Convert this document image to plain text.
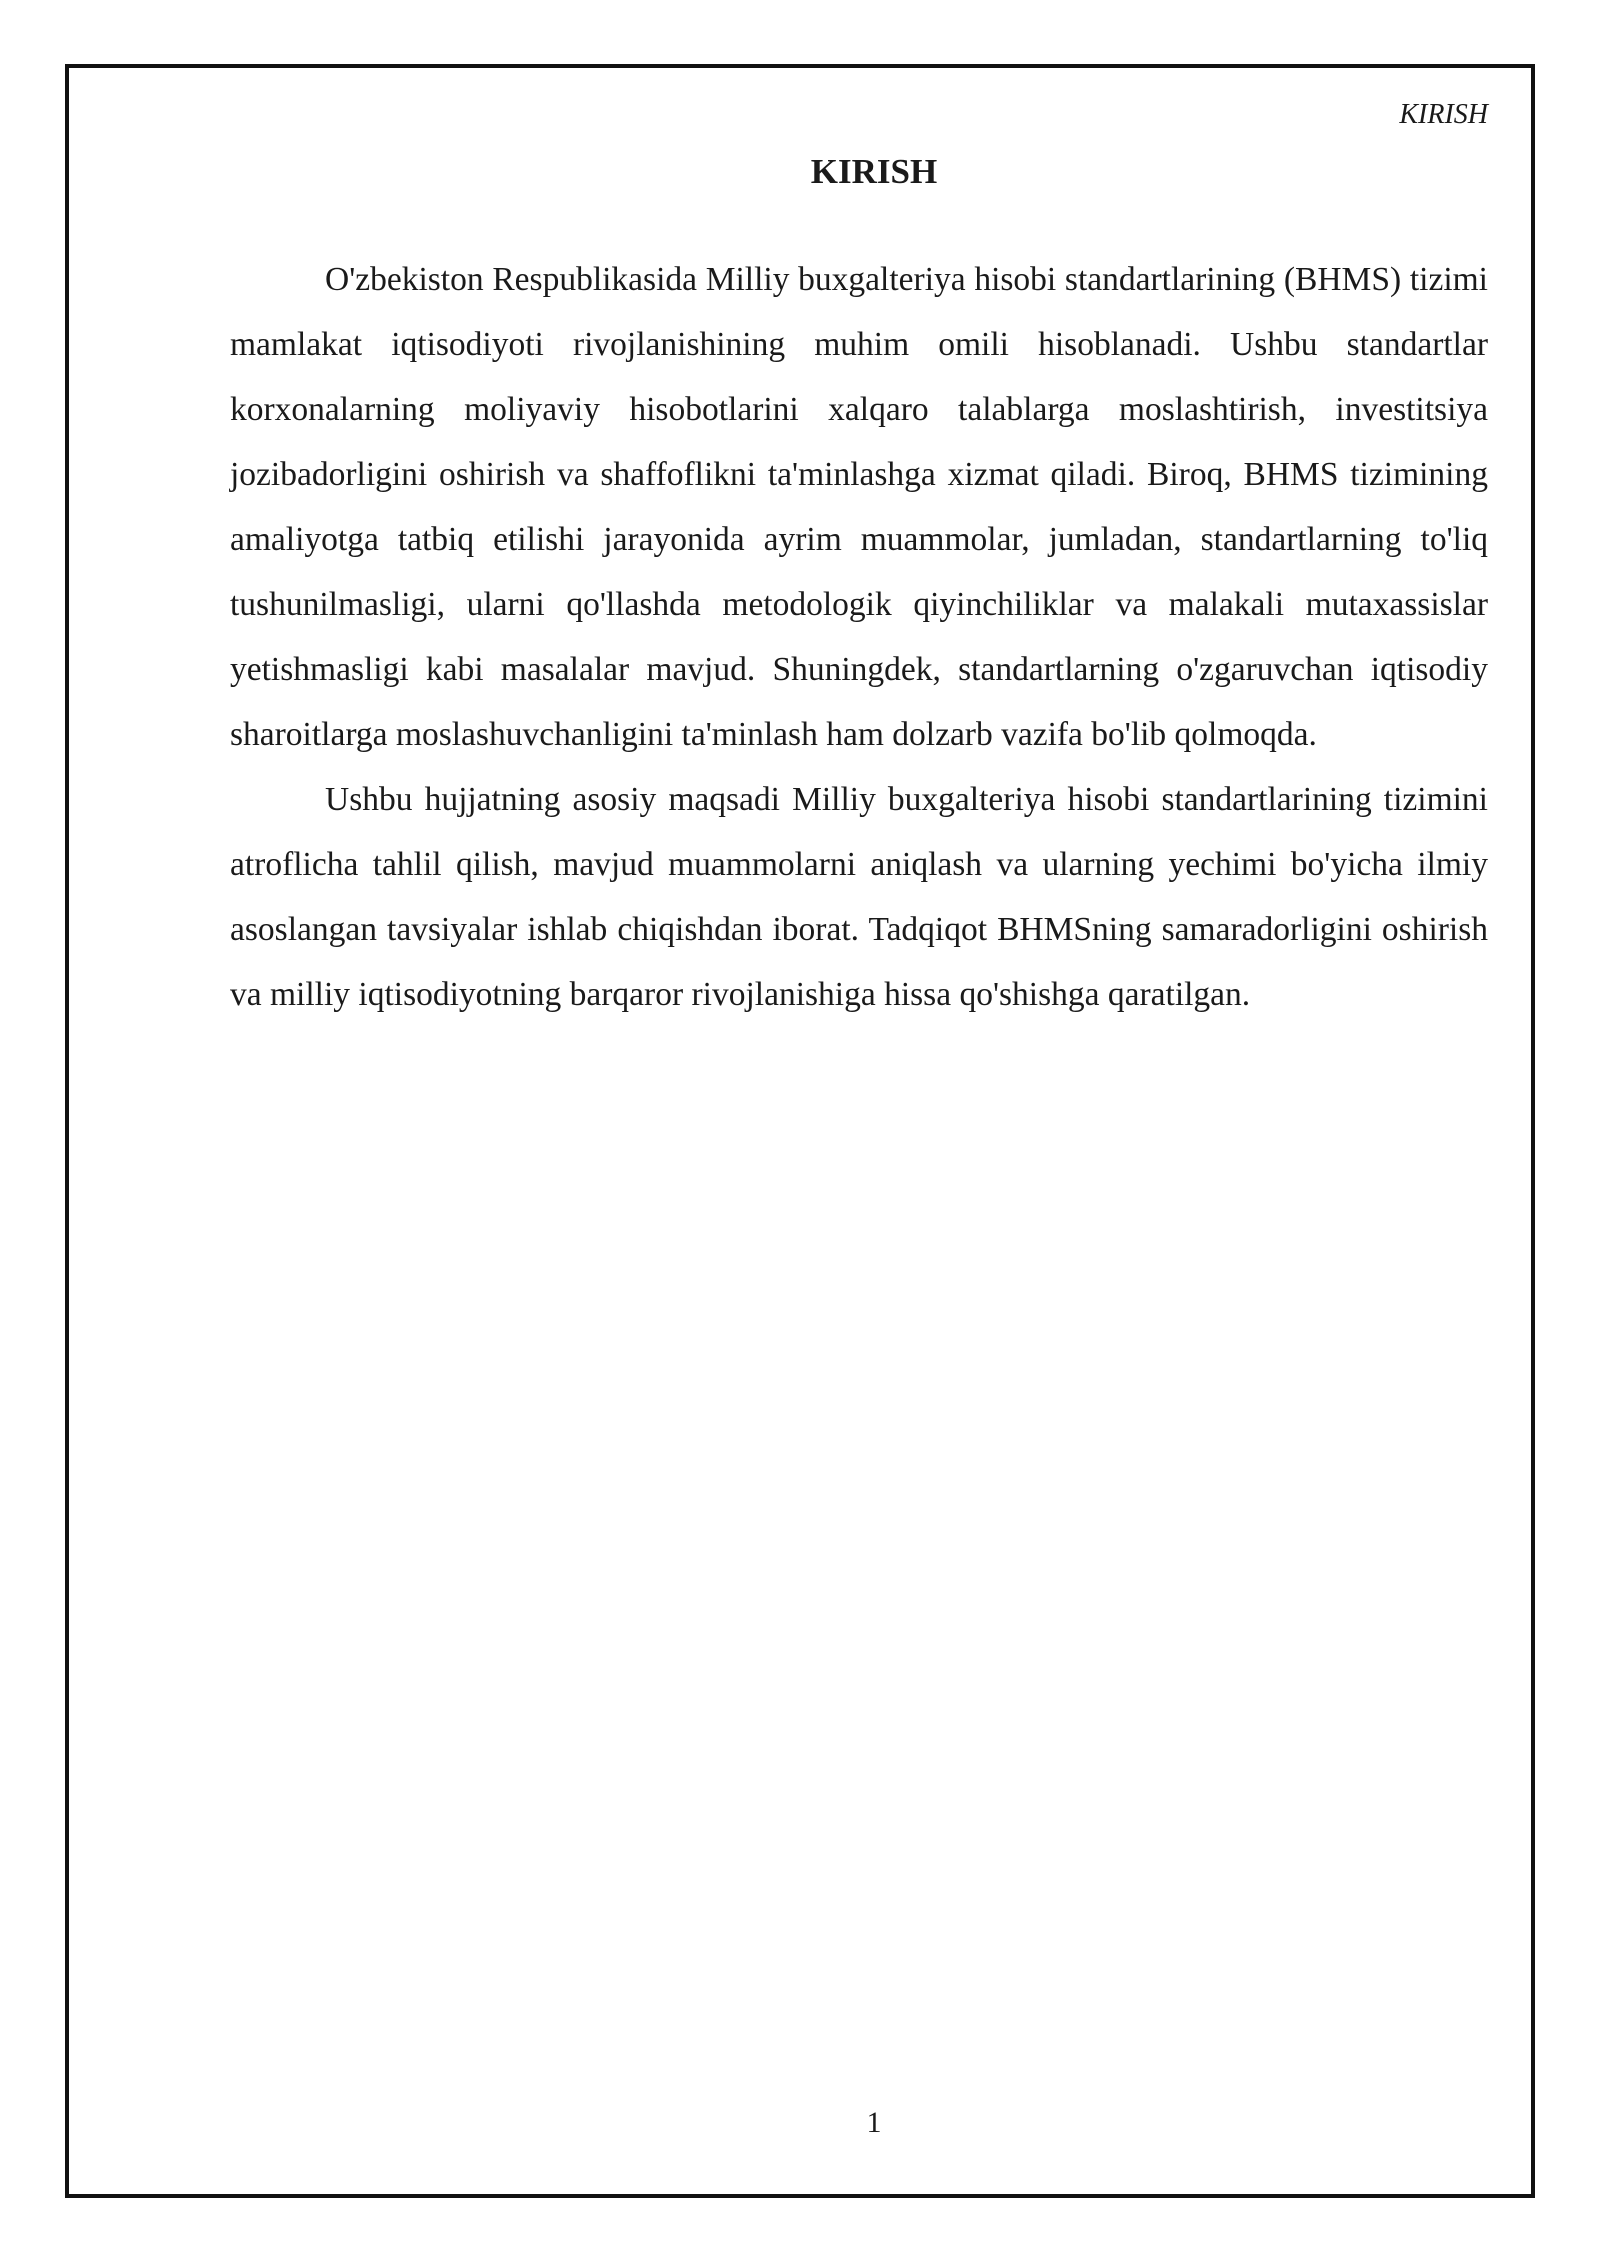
KIRISH
KIRISH

O'zbekiston Respublikasida Milliy buxgalteriya hisobi standartlarining (BHMS) tizimi mamlakat iqtisodiyoti rivojlanishining muhim omili hisoblanadi. Ushbu standartlar korxonalarning moliyaviy hisobotlarini xalqaro talablarga moslashtirish, investitsiya jozibadorligini oshirish va shaffoflikni ta'minlashga xizmat qiladi. Biroq, BHMS tizimining amaliyotga tatbiq etilishi jarayonida ayrim muammolar, jumladan, standartlarning to'liq tushunilmasligi, ularni qo'llashda metodologik qiyinchiliklar va malakali mutaxassislar yetishmasligi kabi masalalar mavjud. Shuningdek, standartlarning o'zgaruvchan iqtisodiy sharoitlarga moslashuvchanligini ta'minlash ham dolzarb vazifa bo'lib qolmoqda.

Ushbu hujjatning asosiy maqsadi Milliy buxgalteriya hisobi standartlarining tizimini atroflicha tahlil qilish, mavjud muammolarni aniqlash va ularning yechimi bo'yicha ilmiy asoslangan tavsiyalar ishlab chiqishdan iborat. Tadqiqot BHMSning samaradorligini oshirish va milliy iqtisodiyotning barqaror rivojlanishiga hissa qo'shishga qaratilgan.

1
